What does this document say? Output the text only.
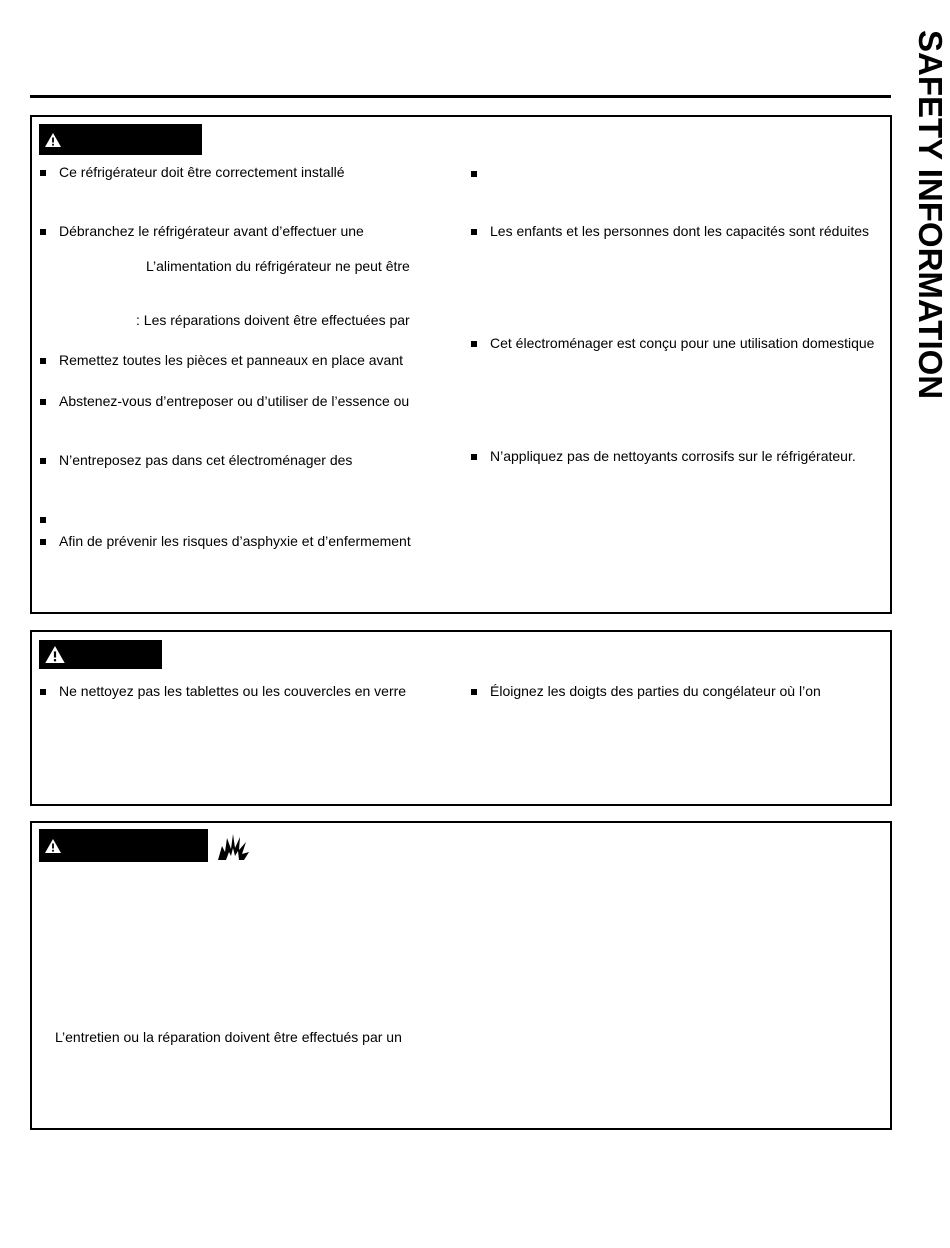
SAFETY INFORMATION
Ce réfrigérateur doit être correctement installé
Débranchez le réfrigérateur avant d’effectuer une
L’alimentation du réfrigérateur ne peut être
: Les réparations doivent être effectuées par
Remettez toutes les pièces et panneaux en place avant
Abstenez-vous d’entreposer ou d’utiliser de l’essence ou
N’entreposez pas dans cet électroménager des
Afin de prévenir les risques d’asphyxie et d’enfermement
Les enfants et les personnes dont les capacités sont réduites
Cet électroménager est conçu pour une utilisation domestique
N’appliquez pas de nettoyants corrosifs sur le réfrigérateur.
Ne nettoyez pas les tablettes ou les couvercles en verre	Éloignez les doigts des parties du congélateur où l’on
L’entretien ou la réparation doivent être effectués par un
